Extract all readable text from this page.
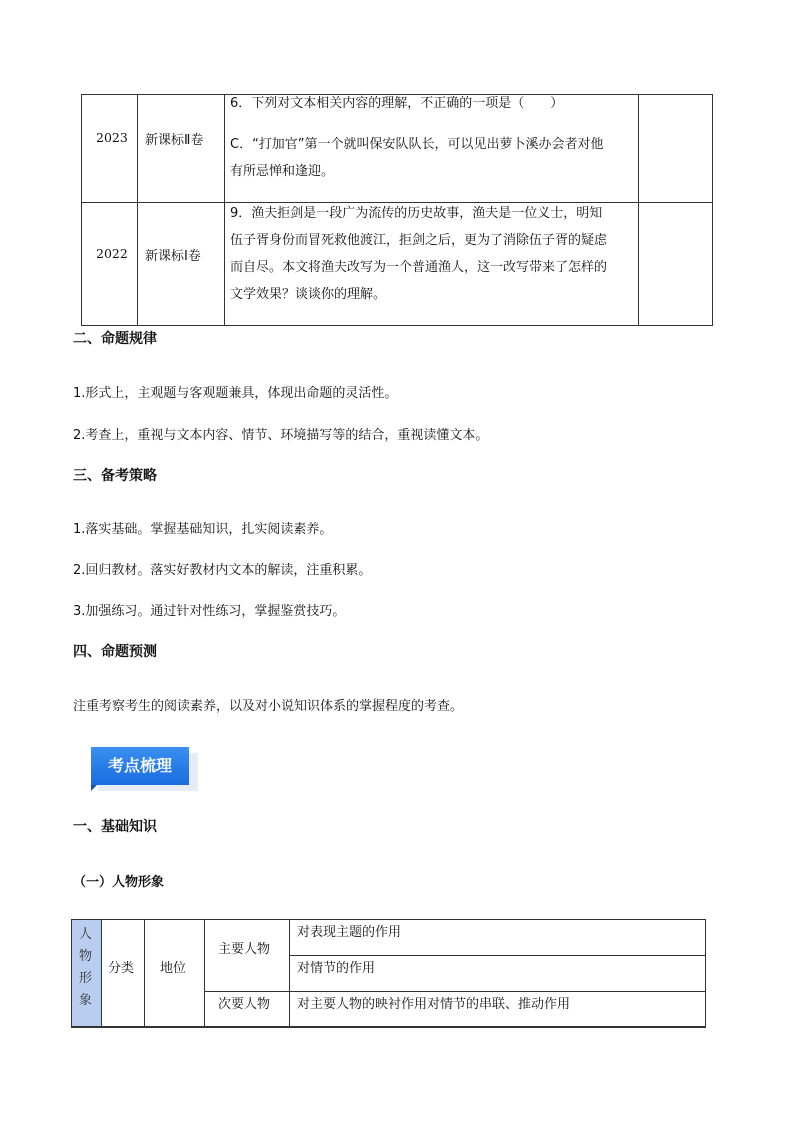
2023 新课标Ⅱ卷
6．下列对文本相关内容的理解，不正确的一项是（　　）
C．“打加官”第一个就叫保安队队长，可以见出萝卜溪办会者对他
有所忌惮和逢迎。
2022 新课标Ⅰ卷
9．渔夫拒剑是一段广为流传的历史故事，渔夫是一位义士，明知
伍子胥身份而冒死救他渡江，拒剑之后，更为了消除伍子胥的疑虑
而自尽。本文将渔夫改写为一个普通渔人，这一改写带来了怎样的
文学效果？谈谈你的理解。
二、命题规律
1.形式上，主观题与客观题兼具，体现出命题的灵活性。
2.考查上，重视与文本内容、情节、环境描写等的结合，重视读懂文本。
三、备考策略
1.落实基础。掌握基础知识，扎实阅读素养。
2.回归教材。落实好教材内文本的解读，注重积累。
3.加强练习。通过针对性练习，掌握鉴赏技巧。
四、命题预测
注重考察考生的阅读素养，以及对小说知识体系的掌握程度的考查。
考点梳理
一、基础知识
（一）人物形象
人
物
形
象
分类 地位
主要人物
对表现主题的作用
对情节的作用
次要人物 对主要人物的映衬作用对情节的串联、推动作用
